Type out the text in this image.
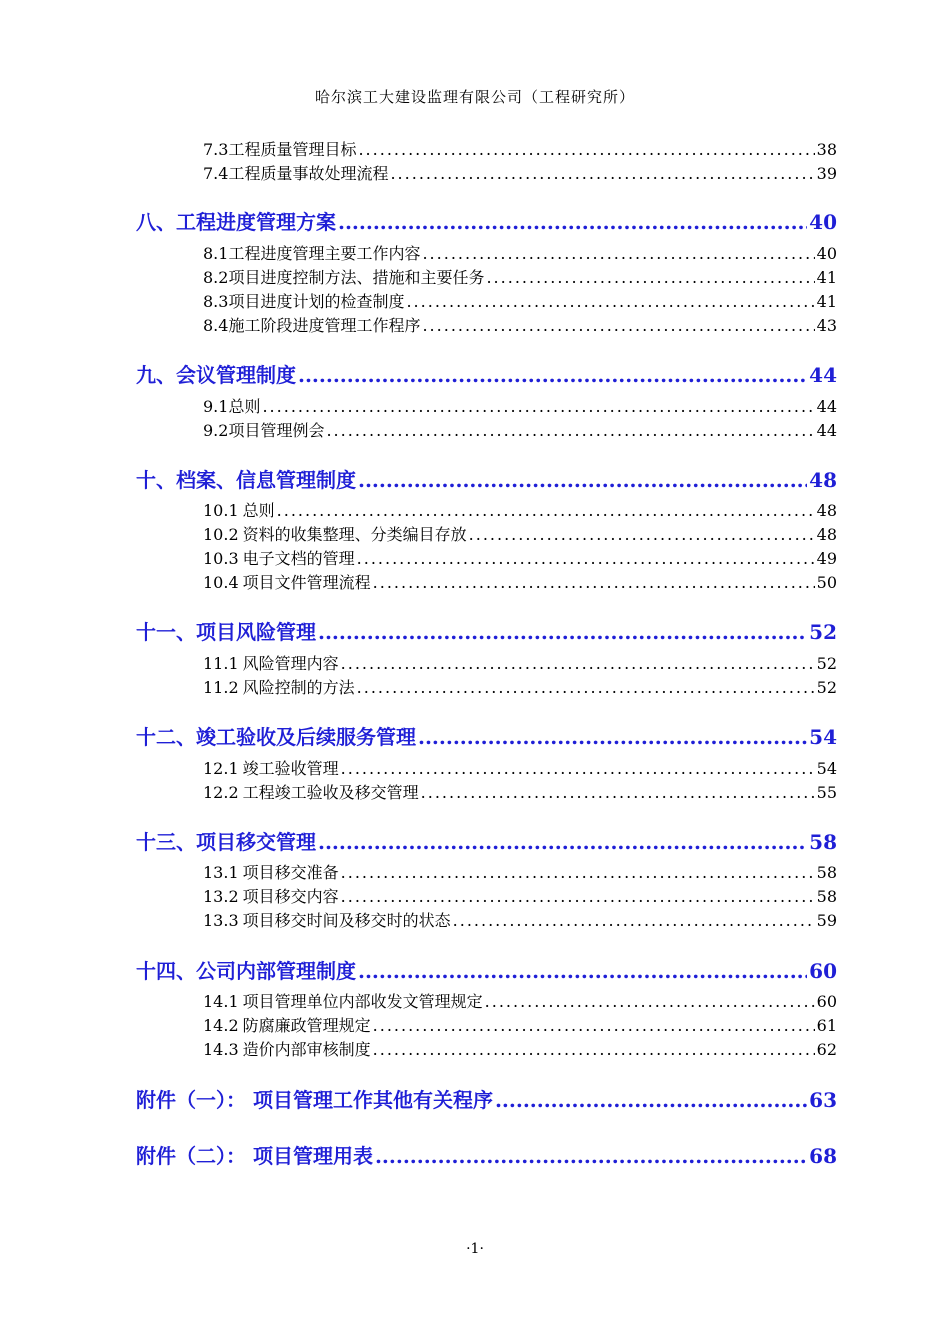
哈尔滨工大建设监理有限公司（工程研究所）
7.3 工程质量管理目标 .....	38
7.4 工程质量事故处理流程 .....	39
八、工程进度管理方案 .....	40
8.1 工程进度管理主要工作内容 .....	40
8.2 项目进度控制方法、措施和主要任务 .....	41
8.3 项目进度计划的检查制度 .....	41
8.4 施工阶段进度管理工作程序 .....	43
九、会议管理制度 .....	44
9.1 总则 .....	44
9.2 项目管理例会 .....	44
十、档案、信息管理制度 .....	48
10.1 总则 .....	48
10.2 资料的收集整理、分类编目存放 .....	48
10.3 电子文档的管理 .....	49
10.4 项目文件管理流程 .....	50
十一、项目风险管理 .....	52
11.1 风险管理内容 .....	52
11.2 风险控制的方法 .....	52
十二、竣工验收及后续服务管理 .....	54
12.1 竣工验收管理 .....	54
12.2 工程竣工验收及移交管理 .....	55
十三、项目移交管理 .....	58
13.1 项目移交准备 .....	58
13.2 项目移交内容 .....	58
13.3 项目移交时间及移交时的状态 .....	59
十四、公司内部管理制度 .....	60
14.1 项目管理单位内部收发文管理规定 .....	60
14.2 防腐廉政管理规定 .....	61
14.3 造价内部审核制度 .....	62
附件（一）： 项目管理工作其他有关程序 .....	63
附件（二）： 项目管理用表 .....	68
·1·
